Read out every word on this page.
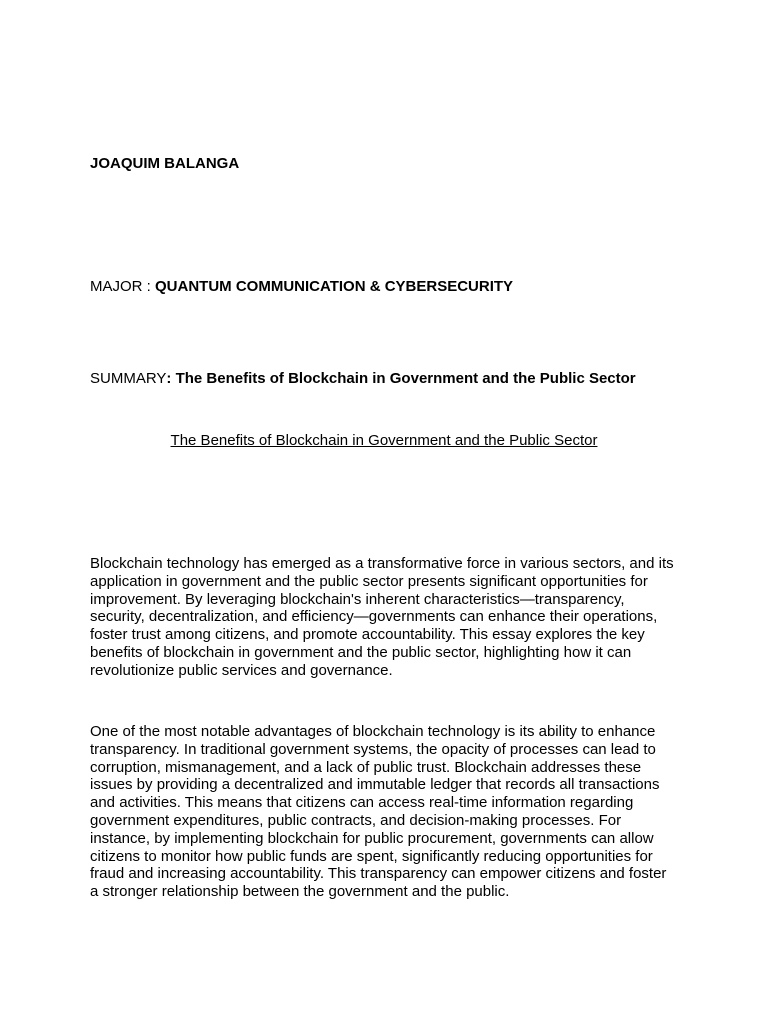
JOAQUIM BALANGA
MAJOR : QUANTUM COMMUNICATION & CYBERSECURITY
SUMMARY: The Benefits of Blockchain in Government and the Public Sector
The Benefits of Blockchain in Government and the Public Sector

Blockchain technology has emerged as a transformative force in various sectors, and its
application in government and the public sector presents significant opportunities for
improvement. By leveraging blockchain's inherent characteristics—transparency,
security, decentralization, and efficiency—governments can enhance their operations,
foster trust among citizens, and promote accountability. This essay explores the key
benefits of blockchain in government and the public sector, highlighting how it can
revolutionize public services and governance.

One of the most notable advantages of blockchain technology is its ability to enhance
transparency. In traditional government systems, the opacity of processes can lead to
corruption, mismanagement, and a lack of public trust. Blockchain addresses these
issues by providing a decentralized and immutable ledger that records all transactions
and activities. This means that citizens can access real-time information regarding
government expenditures, public contracts, and decision-making processes. For
instance, by implementing blockchain for public procurement, governments can allow
citizens to monitor how public funds are spent, significantly reducing opportunities for
fraud and increasing accountability. This transparency can empower citizens and foster
a stronger relationship between the government and the public.
